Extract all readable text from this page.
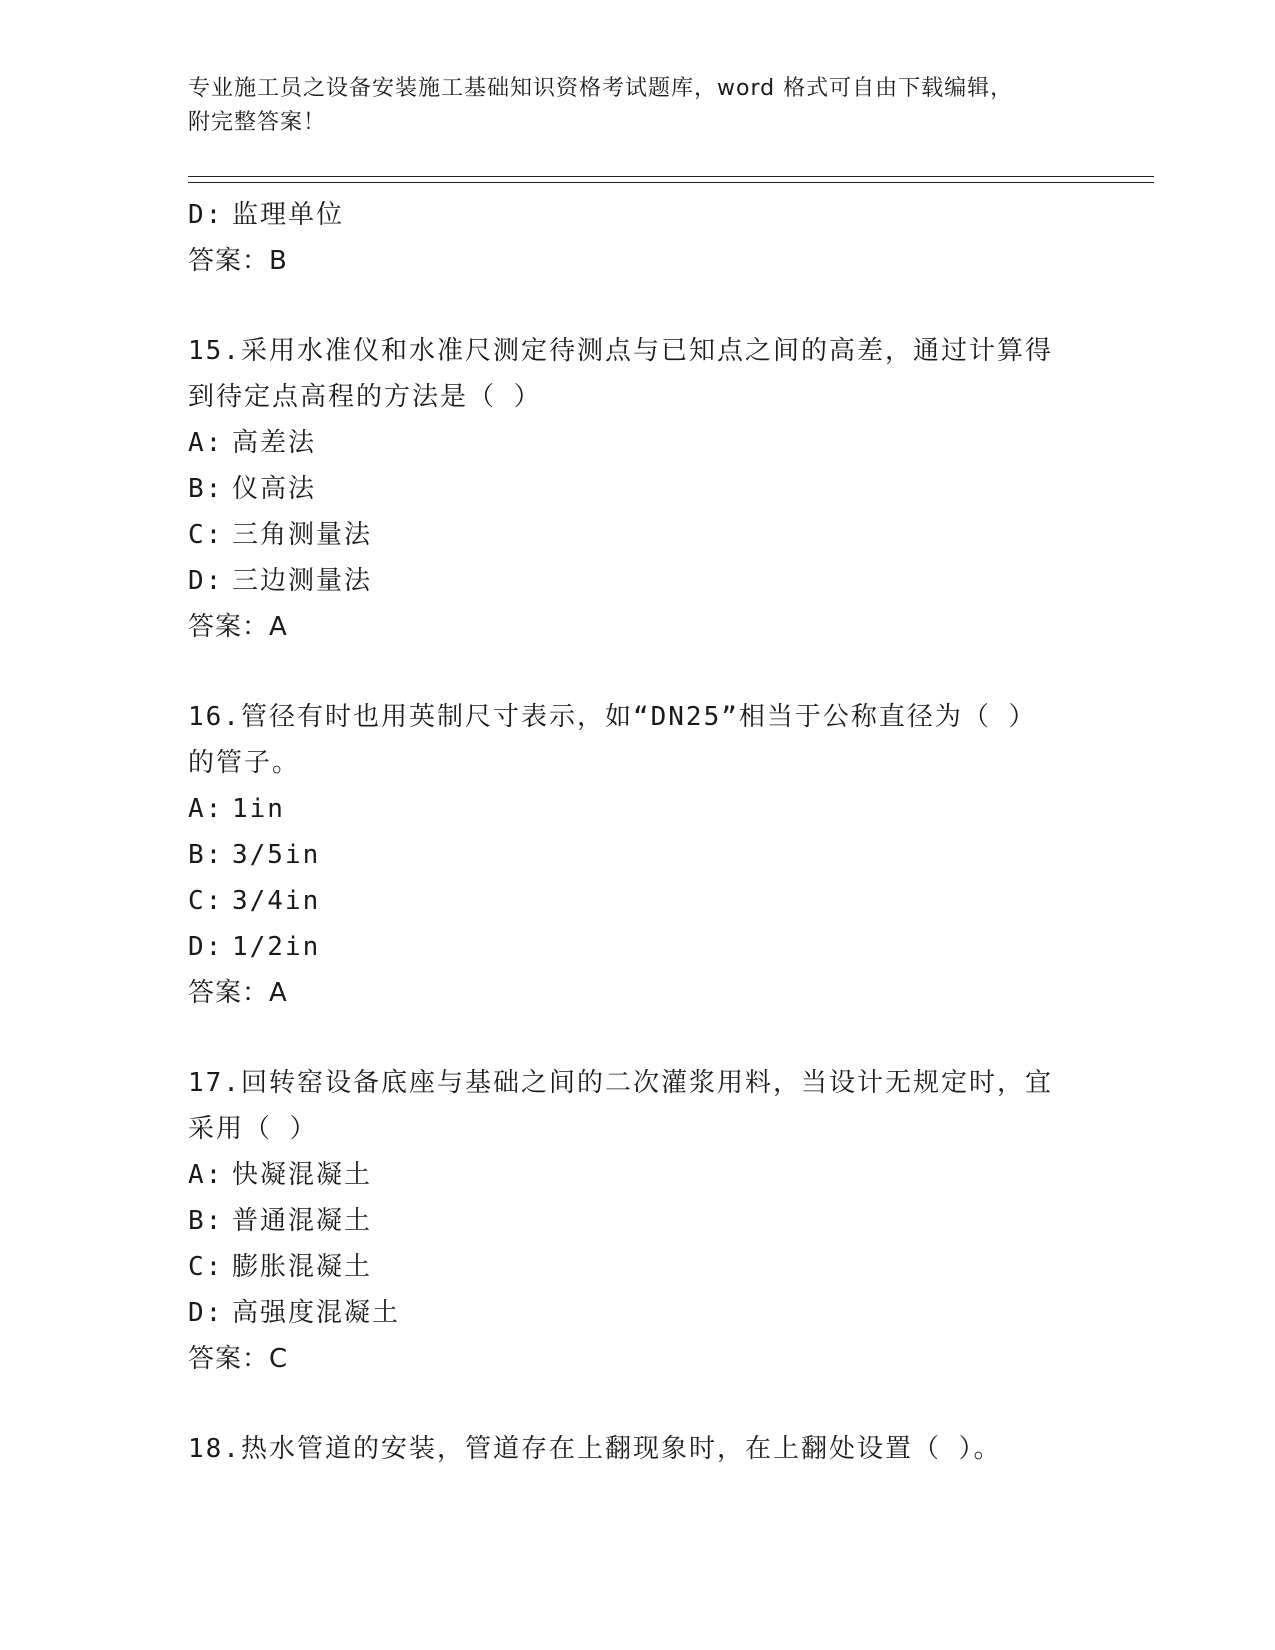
专业施工员之设备安装施工基础知识资格考试题库，word 格式可自由下载编辑，
附完整答案！
D: 监理单位
答案：B
15.采用水准仪和水准尺测定待测点与已知点之间的高差，通过计算得
到待定点高程的方法是（ ）
A: 高差法
B: 仪高法
C: 三角测量法
D: 三边测量法
答案：A
16.管径有时也用英制尺寸表示，如“DN25”相当于公称直径为（ ）
的管子。
A: 1in
B: 3/5in
C: 3/4in
D: 1/2in
答案：A
17.回转窑设备底座与基础之间的二次灌浆用料，当设计无规定时，宜
采用（ ）
A: 快凝混凝土
B: 普通混凝土
C: 膨胀混凝土
D: 高强度混凝土
答案：C
18.热水管道的安装，管道存在上翻现象时，在上翻处设置（ ）。
